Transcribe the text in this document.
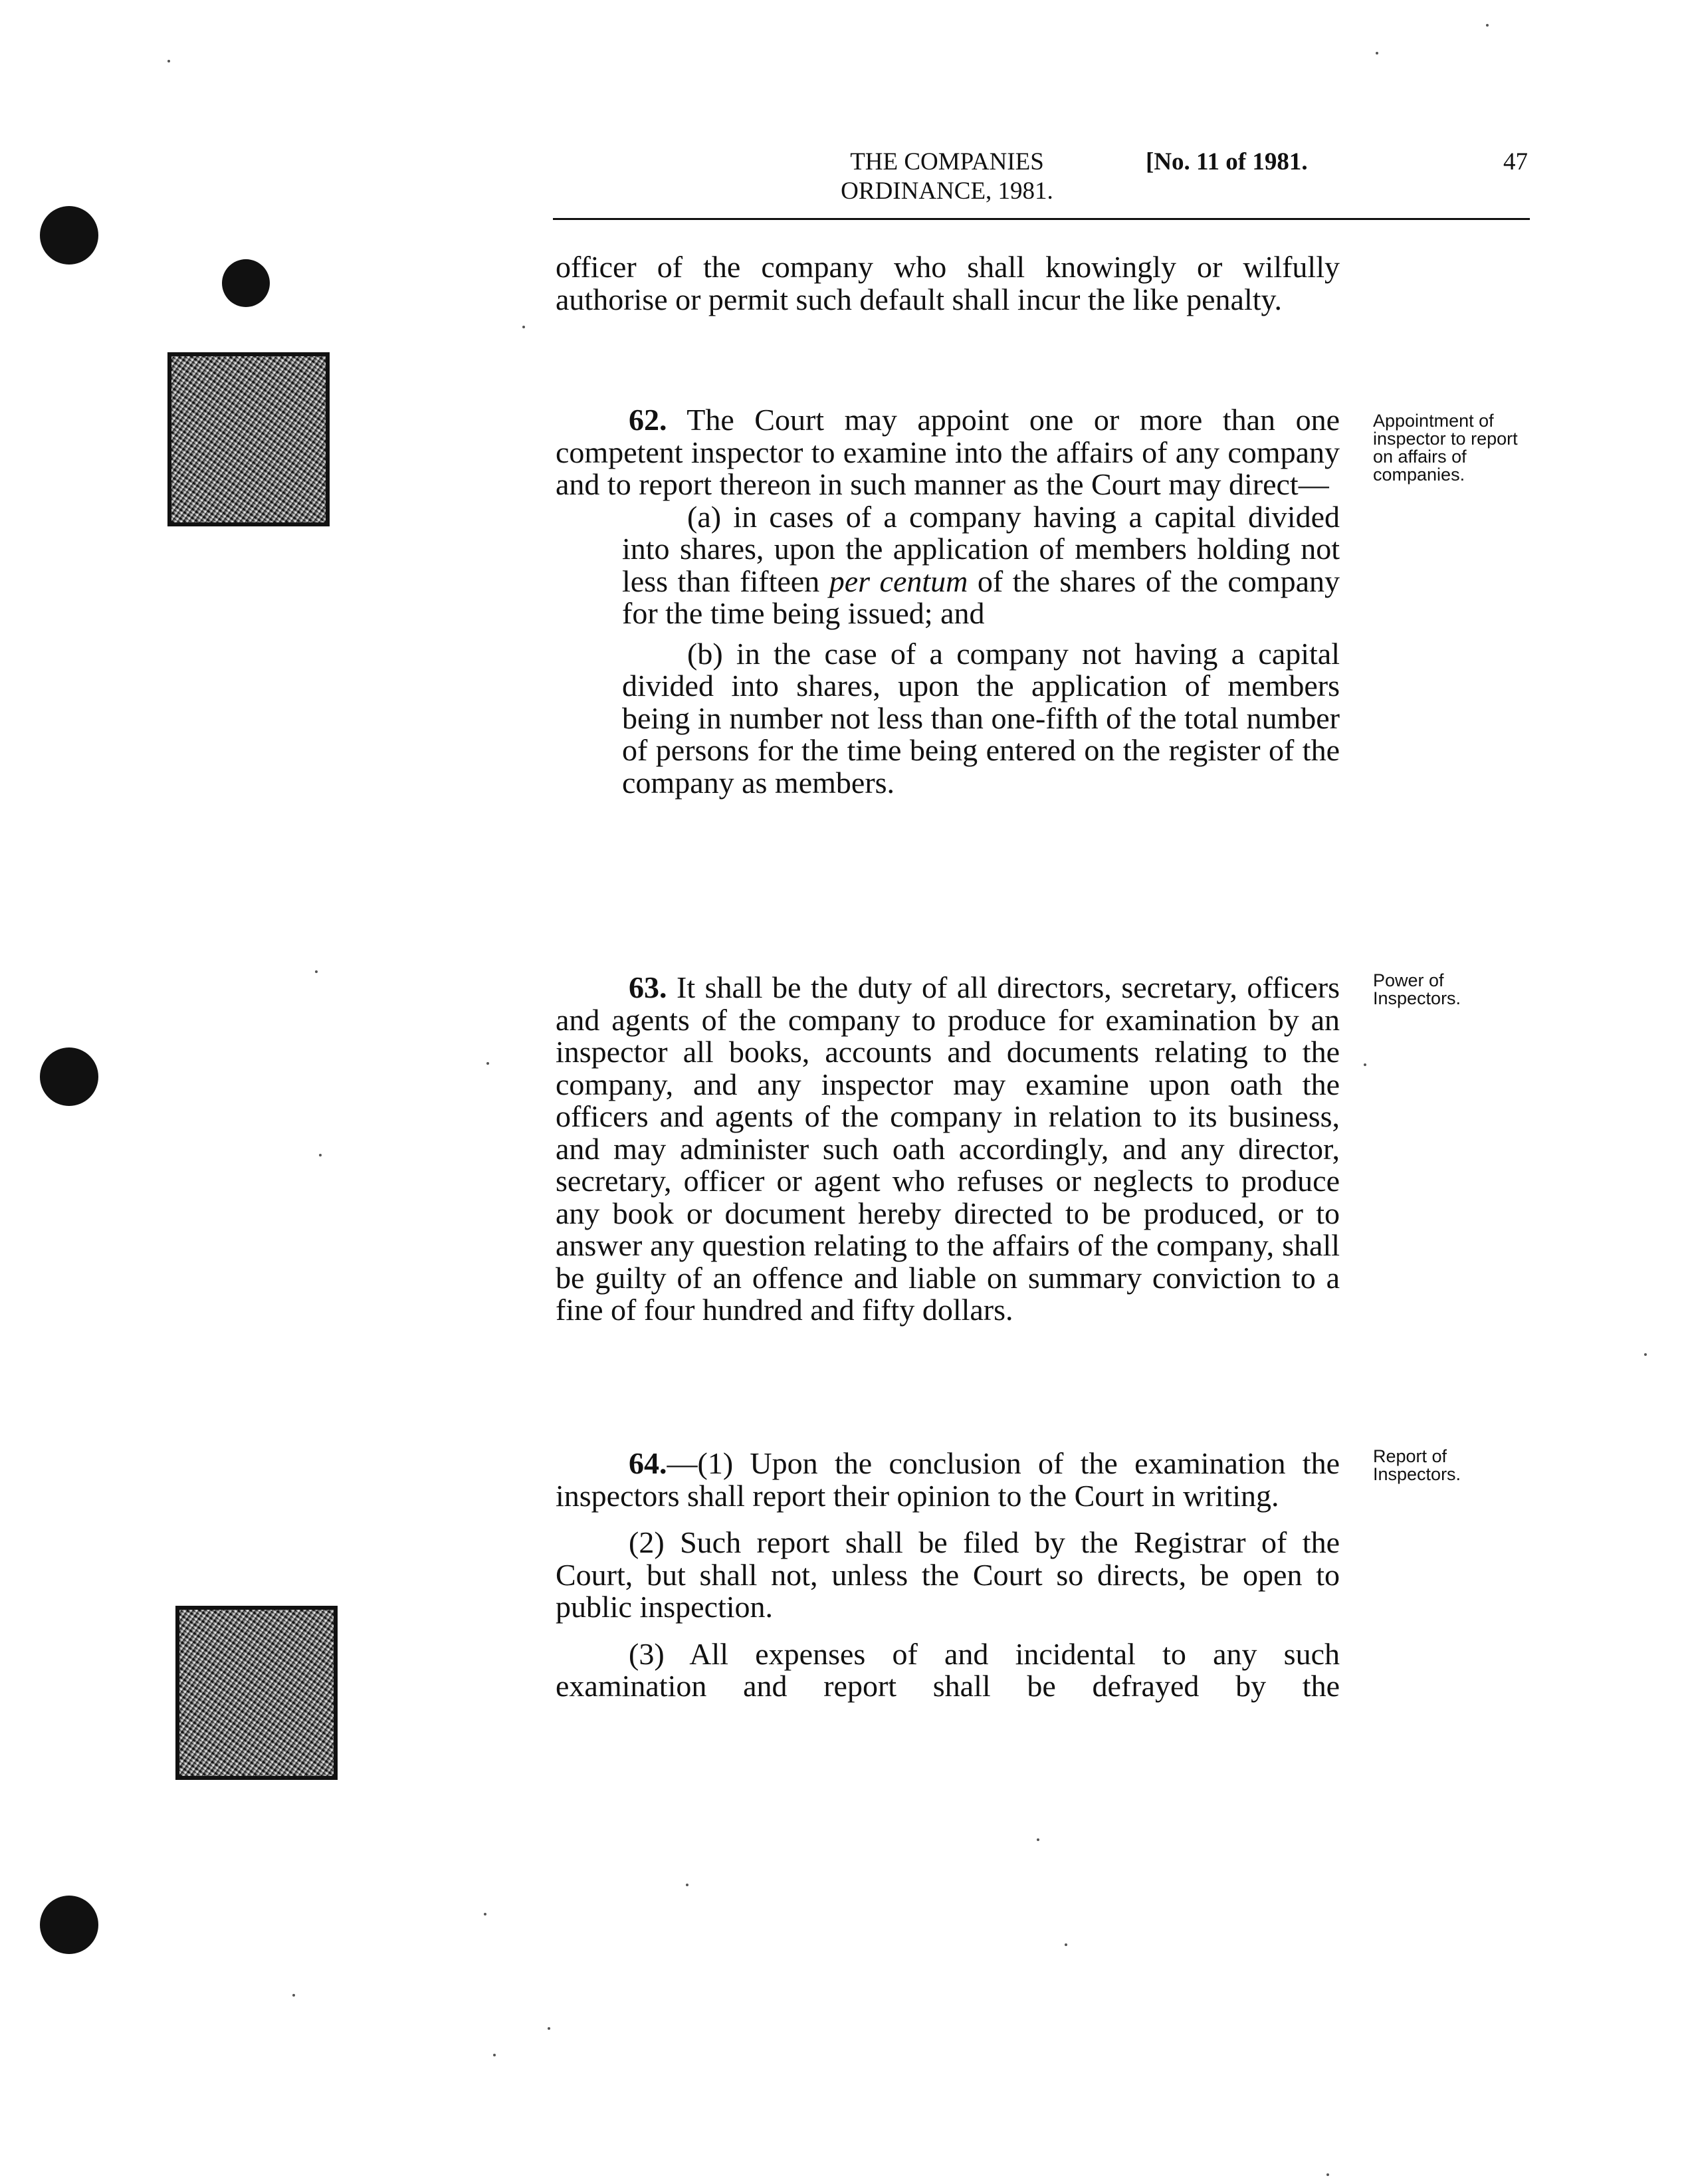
THE COMPANIES
ORDINANCE, 1981.
[No. 11 of 1981.	47

officer of the company who shall knowingly or wilfully authorise or permit such default shall incur the like penalty.

62. The Court may appoint one or more than one competent inspector to examine into the affairs of any company and to report thereon in such manner as the Court may direct—

(a) in cases of a company having a capital divided into shares, upon the application of members holding not less than fifteen per centum of the shares of the company for the time being issued; and

(b) in the case of a company not having a capital divided into shares, upon the application of members being in number not less than one-fifth of the total number of persons for the time being entered on the register of the company as members.

Appointment of inspector to report on affairs of companies.

63. It shall be the duty of all directors, secretary, officers and agents of the company to produce for examination by an inspector all books, accounts and documents relating to the company, and any inspector may examine upon oath the officers and agents of the company in relation to its business, and may administer such oath accordingly, and any director, secretary, officer or agent who refuses or neglects to produce any book or document hereby directed to be produced, or to answer any question relating to the affairs of the company, shall be guilty of an offence and liable on summary conviction to a fine of four hundred and fifty dollars.

Power of Inspectors.

64.—(1) Upon the conclusion of the examination the inspectors shall report their opinion to the Court in writing.

(2) Such report shall be filed by the Registrar of the Court, but shall not, unless the Court so directs, be open to public inspection.

(3) All expenses of and incidental to any such examination and report shall be defrayed by the

Report of Inspectors.
